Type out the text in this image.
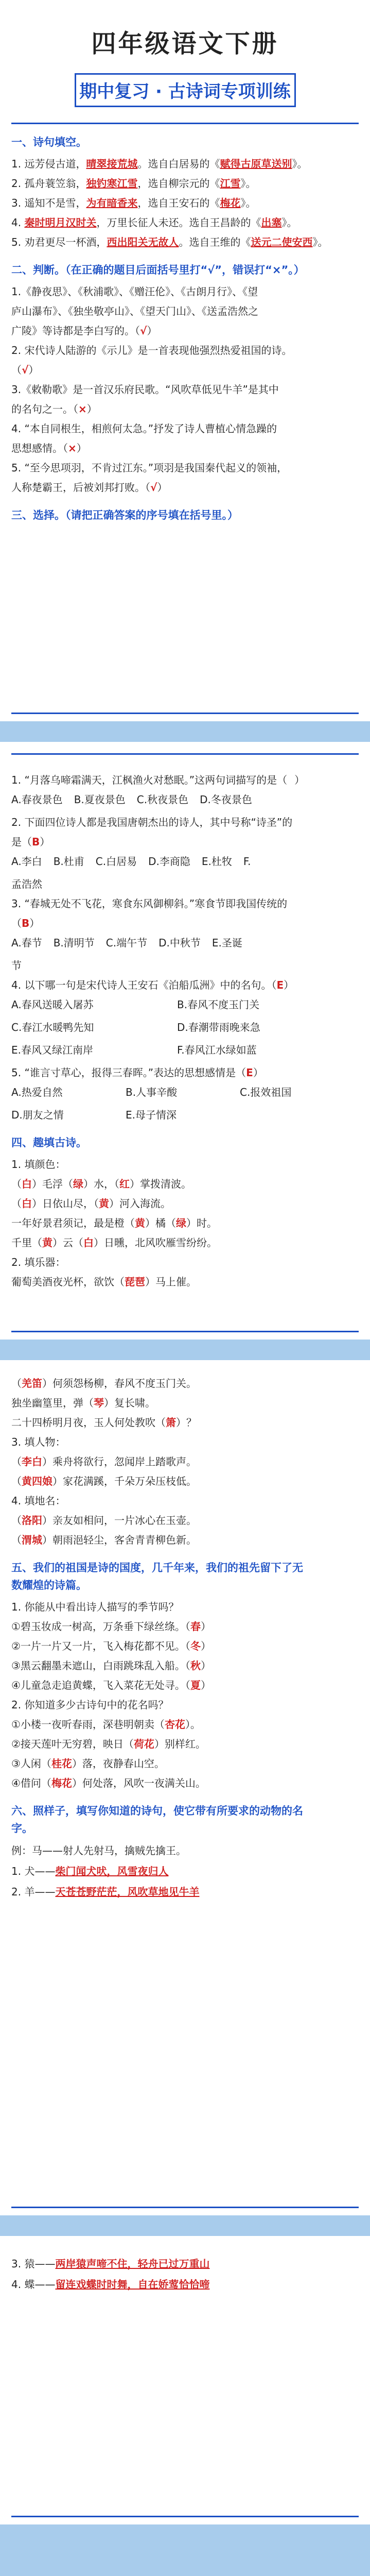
四年级语文下册
期中复习 · 古诗词专项训练
一、诗句填空。

1. 远芳侵古道，晴翠接荒城。选自白居易的《赋得古原草送别》。

2. 孤舟蓑笠翁，独钓寒江雪，选自柳宗元的《江雪》。

3. 遥知不是雪，为有暗香来，选自王安石的《梅花》。

4. 秦时明月汉时关，万里长征人未还。选自王昌龄的《出塞》。

5. 劝君更尽一杯酒，西出阳关无故人。选自王维的《送元二使安西》。

二、判断。（在正确的题目后面括号里打“√”，错误打“×”。）

1.《静夜思》、《秋浦歌》、《赠汪伦》、《古朗月行》、《望

庐山瀑布》、《独坐敬亭山》、《望天门山》、《送孟浩然之

广陵》等诗都是李白写的。（√）

2. 宋代诗人陆游的《示儿》是一首表现他强烈热爱祖国的诗。

（√）

3.《敕勒歌》是一首汉乐府民歌。“风吹草低见牛羊”是其中

的名句之一。（×）

4. “本自同根生，相煎何太急。”抒发了诗人曹植心情急躁的

思想感情。（×）

5. “至今思项羽，不肯过江东。”项羽是我国秦代起义的领袖，

人称楚霸王，后被刘邦打败。（√）

三、选择。（请把正确答案的序号填在括号里。）

1. “月落乌啼霜满天，江枫渔火对愁眠。”这两句词描写的是（ ）

A.春夜景色 B.夏夜景色 C.秋夜景色 D.冬夜景色

2. 下面四位诗人都是我国唐朝杰出的诗人，其中号称“诗圣”的

是（B）

A.李白 B.杜甫 C.白居易 D.李商隐 E.杜牧 F.

孟浩然

3. “春城无处不飞花，寒食东风御柳斜。”寒食节即我国传统的

（B）

A.春节 B.清明节 C.端午节 D.中秋节 E.圣诞

节

4. 以下哪一句是宋代诗人王安石《泊船瓜洲》中的名句。（E）

A.春风送暖入屠苏	B.春风不度玉门关

C.春江水暖鸭先知	D.春潮带雨晚来急

E.春风又绿江南岸	F.春风江水绿如蓝

5. “谁言寸草心，报得三春晖。”表达的思想感情是（E）

A.热爱自然	B.人事辛酸	C.报效祖国

D.朋友之情	E.母子情深

四、趣填古诗。

1. 填颜色：

（白）毛浮（绿）水，（红）掌拨清波。

（白）日依山尽，（黄）河入海流。

一年好景君须记，最是橙（黄）橘（绿）时。

千里（黄）云（白）日曛，北风吹雁雪纷纷。

2. 填乐器：

葡萄美酒夜光杯，欲饮（琵琶）马上催。

（羌笛）何须怨杨柳，春风不度玉门关。

独坐幽篁里，弹（琴）复长啸。

二十四桥明月夜，玉人何处教吹（箫）？

3. 填人物：

（李白）乘舟将欲行，忽闻岸上踏歌声。

（黄四娘）家花满蹊，千朵万朵压枝低。

4. 填地名：

（洛阳）亲友如相问，一片冰心在玉壶。

（渭城）朝雨浥轻尘，客舍青青柳色新。

五、我们的祖国是诗的国度，几千年来，我们的祖先留下了无
数耀煌的诗篇。

1. 你能从中看出诗人描写的季节吗？

①碧玉妆成一树高，万条垂下绿丝绦。（春）

②一片一片又一片，飞入梅花都不见。（冬）

③黑云翻墨未遮山，白雨跳珠乱入船。（秋）

④儿童急走追黄蝶，飞入菜花无处寻。（夏）

2. 你知道多少古诗句中的花名吗？

①小楼一夜听春雨，深巷明朝卖（杏花）。

②接天莲叶无穷碧，映日（荷花）别样红。

③人闲（桂花）落，夜静春山空。

④借问（梅花）何处落，风吹一夜满关山。

六、照样子，填写你知道的诗句，使它带有所要求的动物的名
字。

例：马——射人先射马，擒贼先擒王。

1. 犬——柴门闻犬吠，风雪夜归人

2. 羊——天苍苍野茫茫，风吹草地见牛羊

3. 猿——两岸猿声啼不住，轻舟已过万重山

4. 蝶——留连戏蝶时时舞，自在娇莺恰恰啼
